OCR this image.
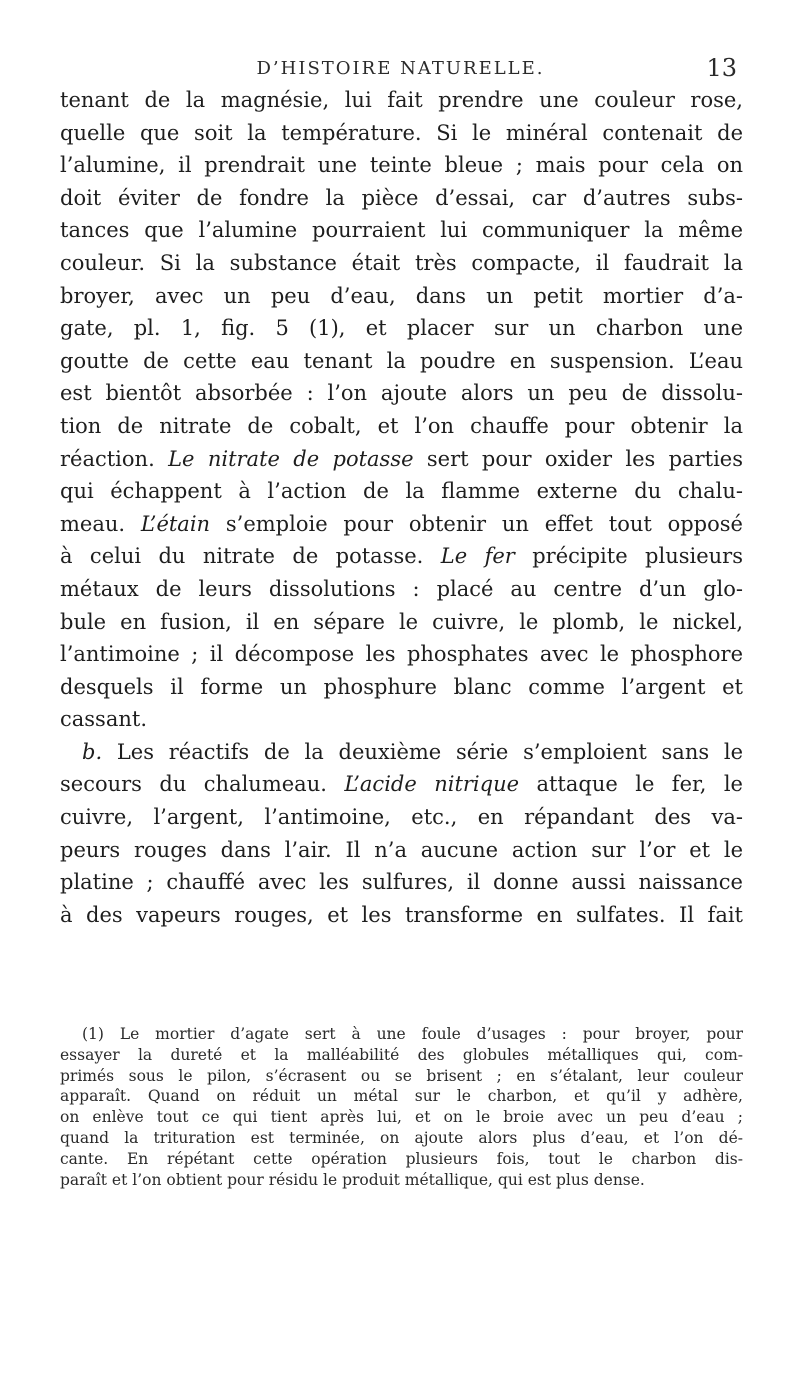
D’HISTOIRE NATURELLE.	13
tenant de la magnésie, lui fait prendre une couleur rose,
quelle que soit la température. Si le minéral contenait de
l’alumine, il prendrait une teinte bleue ; mais pour cela on
doit éviter de fondre la pièce d’essai, car d’autres subs-
tances que l’alumine pourraient lui communiquer la même
couleur. Si la substance était très compacte, il faudrait la
broyer, avec un peu d’eau, dans un petit mortier d’a-
gate, pl. 1, fig. 5 (1), et placer sur un charbon une
goutte de cette eau tenant la poudre en suspension. L’eau
est bientôt absorbée : l’on ajoute alors un peu de dissolu-
tion de nitrate de cobalt, et l’on chauffe pour obtenir la
réaction. Le nitrate de potasse sert pour oxider les parties
qui échappent à l’action de la flamme externe du chalu-
meau. L’étain s’emploie pour obtenir un effet tout opposé
à celui du nitrate de potasse. Le fer précipite plusieurs
métaux de leurs dissolutions : placé au centre d’un glo-
bule en fusion, il en sépare le cuivre, le plomb, le nickel,
l’antimoine ; il décompose les phosphates avec le phosphore
desquels il forme un phosphure blanc comme l’argent et
cassant.
b. Les réactifs de la deuxième série s’emploient sans le
secours du chalumeau. L’acide nitrique attaque le fer, le
cuivre, l’argent, l’antimoine, etc., en répandant des va-
peurs rouges dans l’air. Il n’a aucune action sur l’or et le
platine ; chauffé avec les sulfures, il donne aussi naissance
à des vapeurs rouges, et les transforme en sulfates. Il fait
(1) Le mortier d’agate sert à une foule d’usages : pour broyer, pour
essayer la dureté et la malléabilité des globules métalliques qui, com-
primés sous le pilon, s’écrasent ou se brisent ; en s’étalant, leur couleur
apparaît. Quand on réduit un métal sur le charbon, et qu’il y adhère,
on enlève tout ce qui tient après lui, et on le broie avec un peu d’eau ;
quand la trituration est terminée, on ajoute alors plus d’eau, et l’on dé-
cante. En répétant cette opération plusieurs fois, tout le charbon dis-
paraît et l’on obtient pour résidu le produit métallique, qui est plus dense.
